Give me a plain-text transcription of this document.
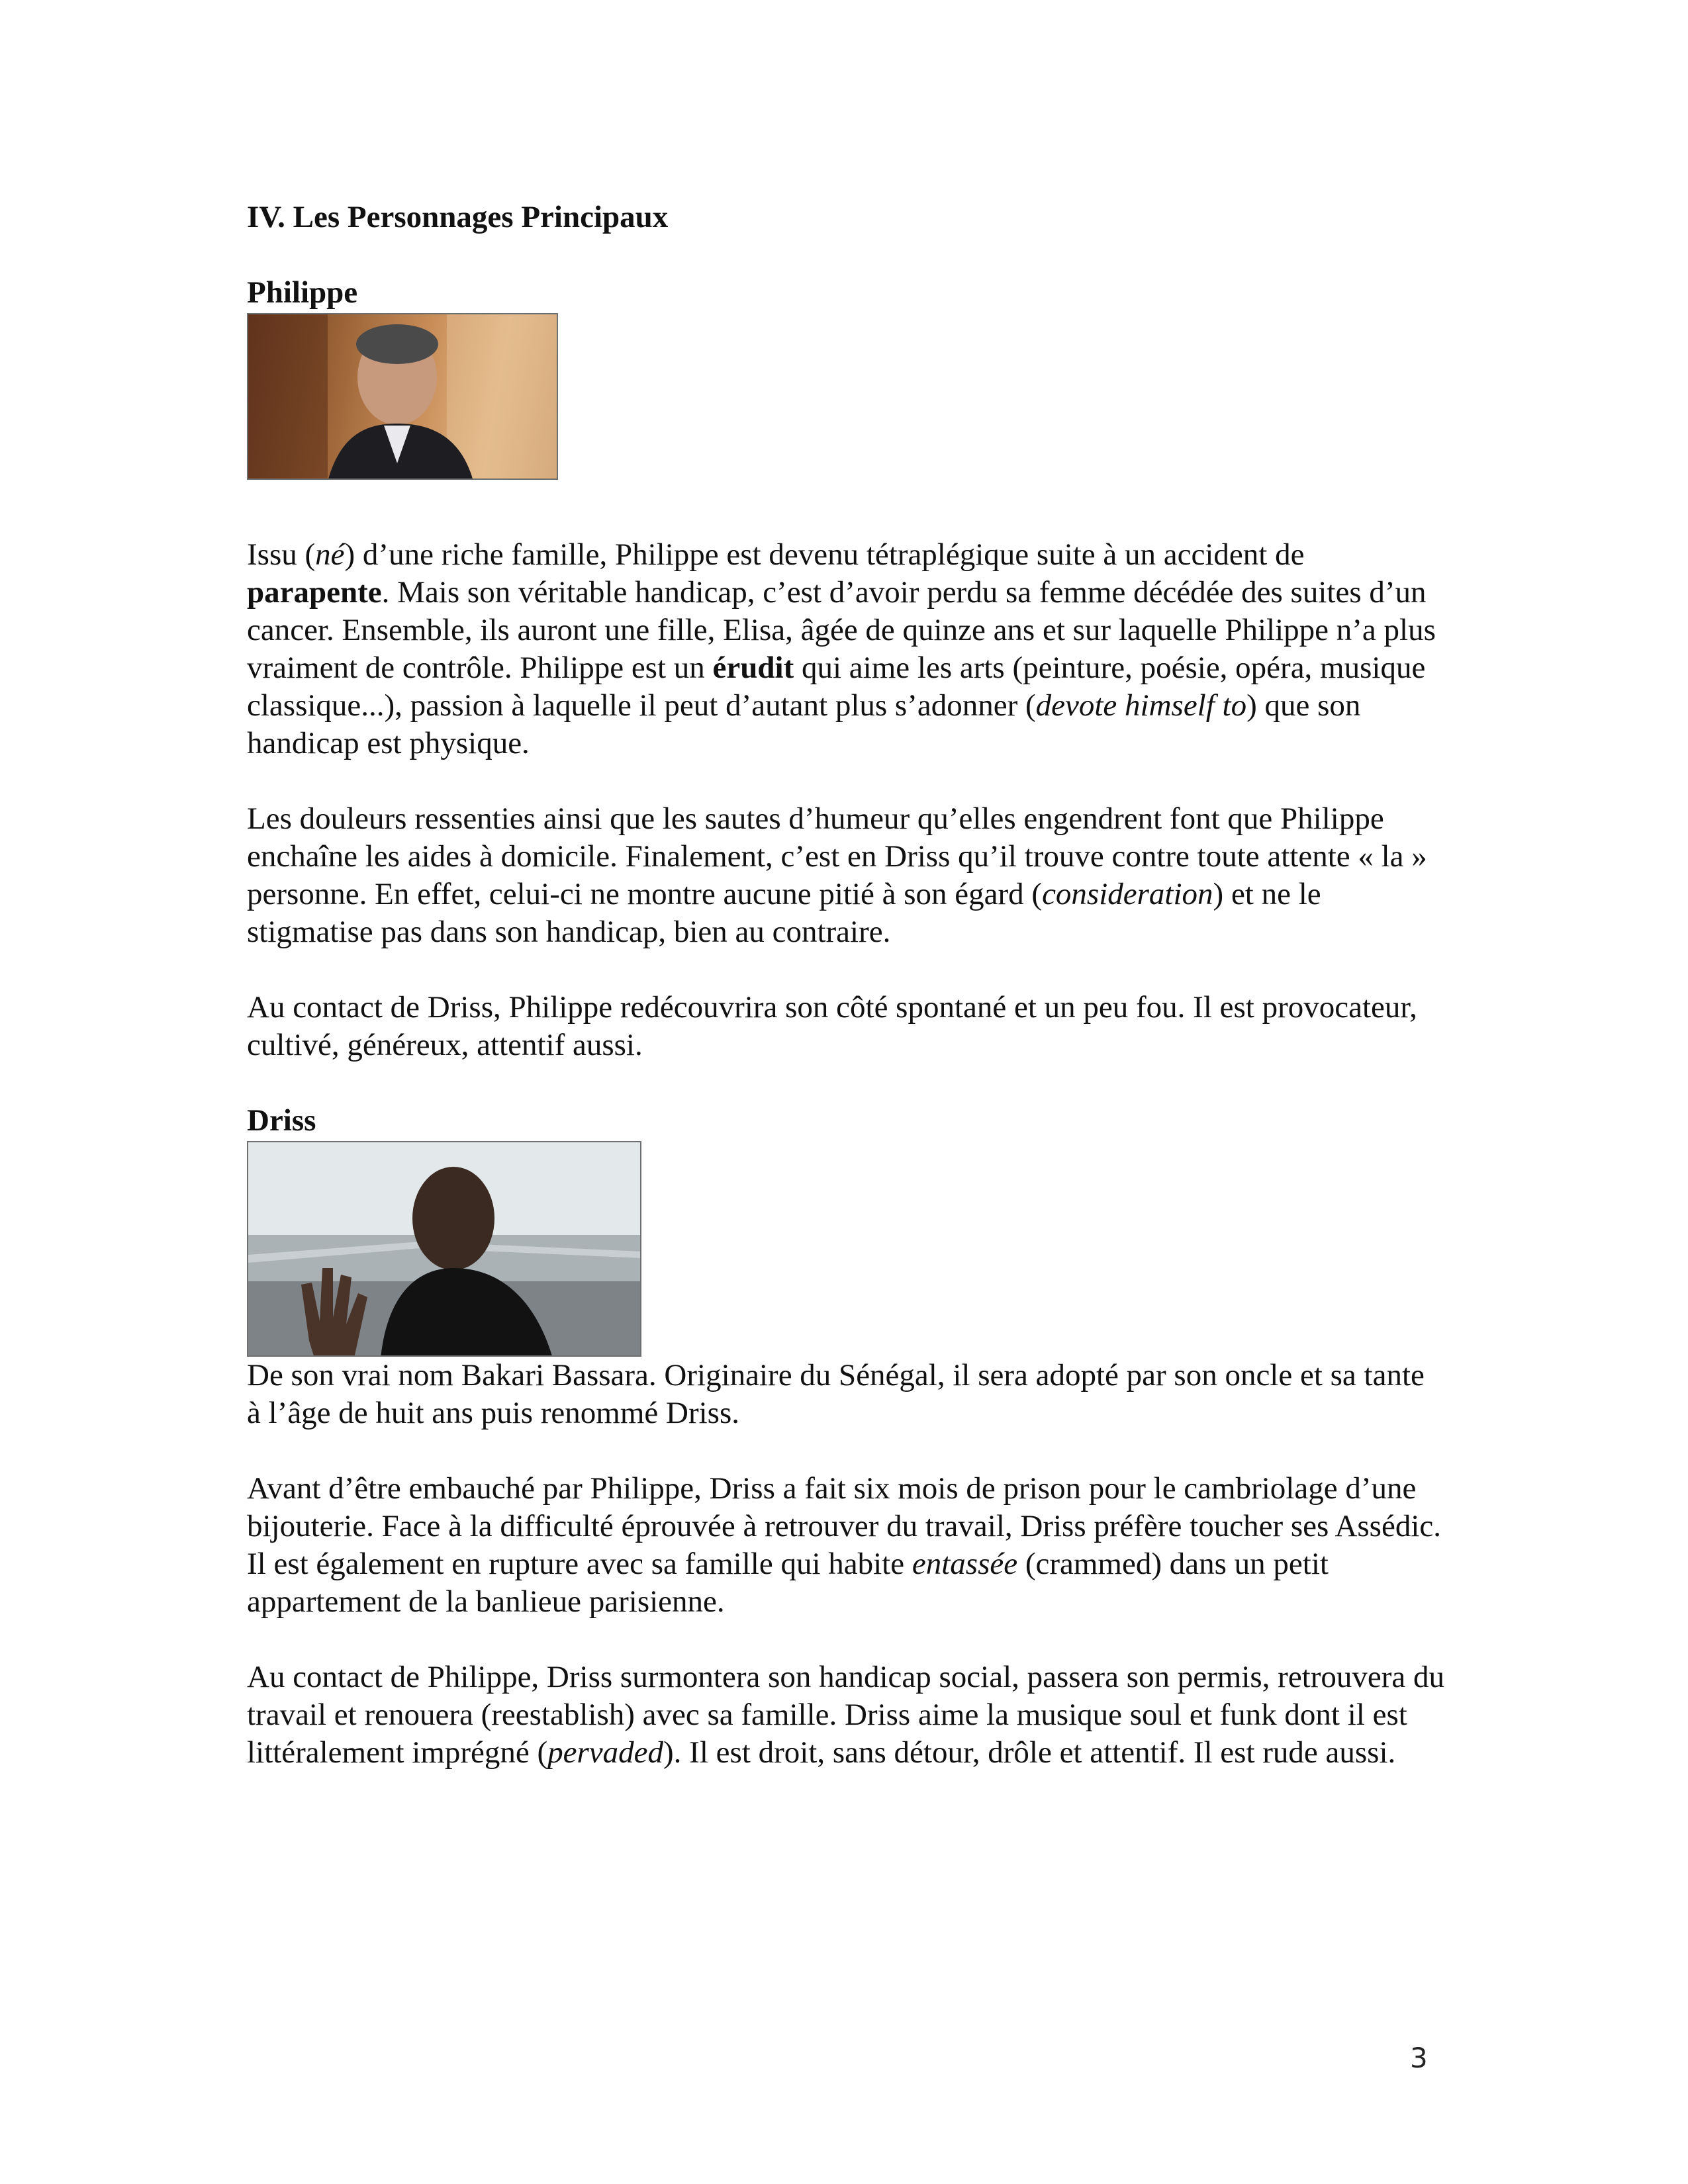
IV. Les Personnages Principaux
Philippe

Issu (né) d’une riche famille, Philippe est devenu tétraplégique suite à un accident de parapente. Mais son véritable handicap, c’est d’avoir perdu sa femme décédée des suites d’un cancer. Ensemble, ils auront une fille, Elisa, âgée de quinze ans et sur laquelle Philippe n’a plus vraiment de contrôle. Philippe est un érudit qui aime les arts (peinture, poésie, opéra, musique classique...), passion à laquelle il peut d’autant plus s’adonner (devote himself to) que son handicap est physique.

Les douleurs ressenties ainsi que les sautes d’humeur qu’elles engendrent font que Philippe enchaîne les aides à domicile. Finalement, c’est en Driss qu’il trouve contre toute attente « la » personne. En effet, celui-ci ne montre aucune pitié à son égard (consideration) et ne le stigmatise pas dans son handicap, bien au contraire.

Au contact de Driss, Philippe redécouvrira son côté spontané et un peu fou. Il est provocateur, cultivé, généreux, attentif aussi.

Driss

De son vrai nom Bakari Bassara. Originaire du Sénégal, il sera adopté par son oncle et sa tante à l’âge de huit ans puis renommé Driss.

Avant d’être embauché par Philippe, Driss a fait six mois de prison pour le cambriolage d’une bijouterie. Face à la difficulté éprouvée à retrouver du travail, Driss préfère toucher ses Assédic. Il est également en rupture avec sa famille qui habite entassée (crammed) dans un petit appartement de la banlieue parisienne.

Au contact de Philippe, Driss surmontera son handicap social, passera son permis, retrouvera du travail et renouera (reestablish) avec sa famille. Driss aime la musique soul et funk dont il est littéralement imprégné (pervaded). Il est droit, sans détour, drôle et attentif. Il est rude aussi.

3
